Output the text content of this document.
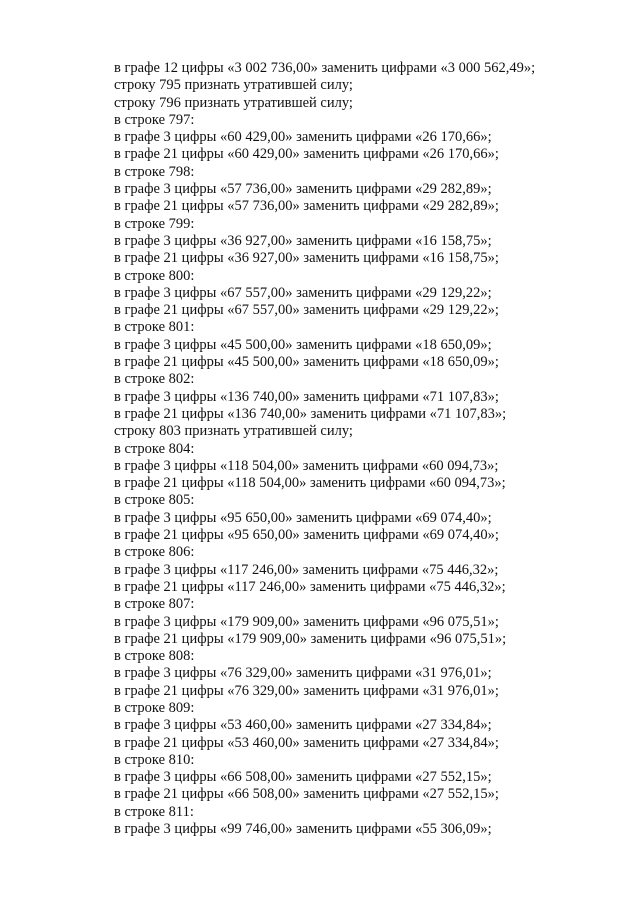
в графе 12 цифры «3 002 736,00» заменить цифрами «3 000 562,49»;
строку 795 признать утратившей силу;
строку 796 признать утратившей силу;
в строке 797:
в графе 3 цифры «60 429,00» заменить цифрами «26 170,66»;
в графе 21 цифры «60 429,00» заменить цифрами «26 170,66»;
в строке 798:
в графе 3 цифры «57 736,00» заменить цифрами «29 282,89»;
в графе 21 цифры «57 736,00» заменить цифрами «29 282,89»;
в строке 799:
в графе 3 цифры «36 927,00» заменить цифрами «16 158,75»;
в графе 21 цифры «36 927,00» заменить цифрами «16 158,75»;
в строке 800:
в графе 3 цифры «67 557,00» заменить цифрами «29 129,22»;
в графе 21 цифры «67 557,00» заменить цифрами «29 129,22»;
в строке 801:
в графе 3 цифры «45 500,00» заменить цифрами «18 650,09»;
в графе 21 цифры «45 500,00» заменить цифрами «18 650,09»;
в строке 802:
в графе 3 цифры «136 740,00» заменить цифрами «71 107,83»;
в графе 21 цифры «136 740,00» заменить цифрами «71 107,83»;
строку 803 признать утратившей силу;
в строке 804:
в графе 3 цифры «118 504,00» заменить цифрами «60 094,73»;
в графе 21 цифры «118 504,00» заменить цифрами «60 094,73»;
в строке 805:
в графе 3 цифры «95 650,00» заменить цифрами «69 074,40»;
в графе 21 цифры «95 650,00» заменить цифрами «69 074,40»;
в строке 806:
в графе 3 цифры «117 246,00» заменить цифрами «75 446,32»;
в графе 21 цифры «117 246,00» заменить цифрами «75 446,32»;
в строке 807:
в графе 3 цифры «179 909,00» заменить цифрами «96 075,51»;
в графе 21 цифры «179 909,00» заменить цифрами «96 075,51»;
в строке 808:
в графе 3 цифры «76 329,00» заменить цифрами «31 976,01»;
в графе 21 цифры «76 329,00» заменить цифрами «31 976,01»;
в строке 809:
в графе 3 цифры «53 460,00» заменить цифрами «27 334,84»;
в графе 21 цифры «53 460,00» заменить цифрами «27 334,84»;
в строке 810:
в графе 3 цифры «66 508,00» заменить цифрами «27 552,15»;
в графе 21 цифры «66 508,00» заменить цифрами «27 552,15»;
в строке 811:
в графе 3 цифры «99 746,00» заменить цифрами «55 306,09»;
